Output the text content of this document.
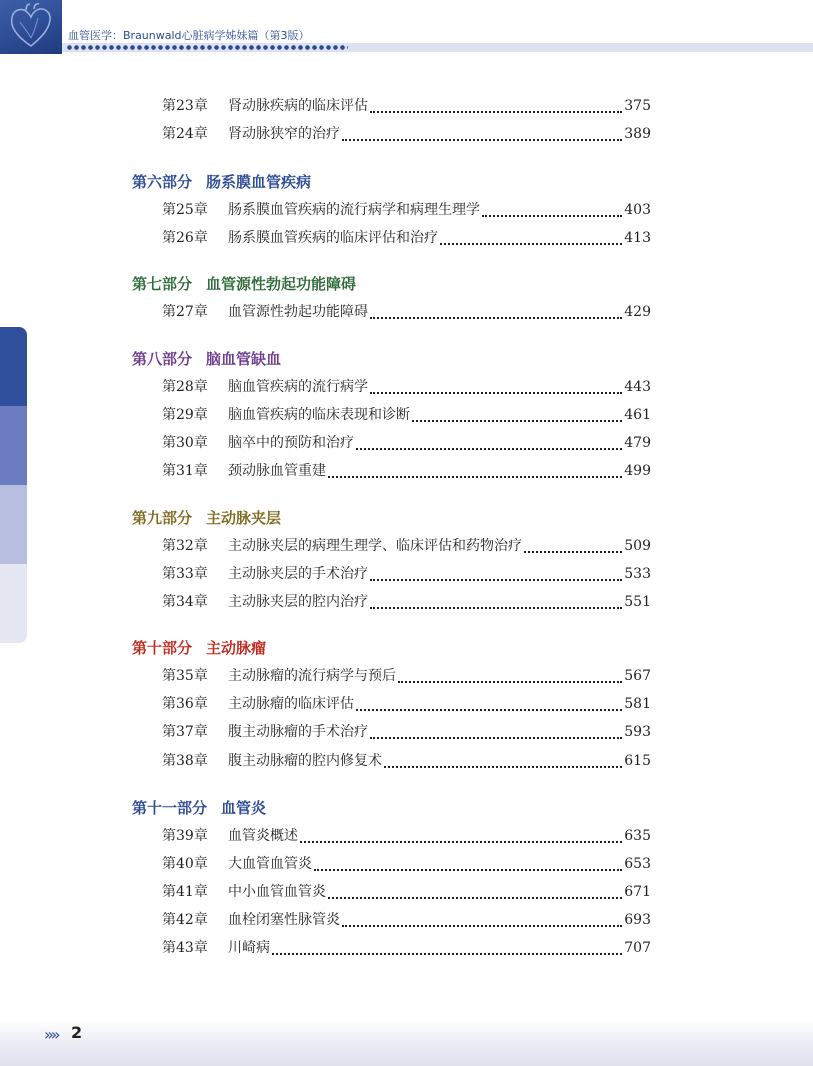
血管医学：Braunwald心脏病学姊妹篇（第3版）
第23章	肾动脉疾病的临床评估	375
第24章	肾动脉狭窄的治疗	389
第六部分 肠系膜血管疾病
第25章	肠系膜血管疾病的流行病学和病理生理学	403
第26章	肠系膜血管疾病的临床评估和治疗	413
第七部分 血管源性勃起功能障碍
第27章	血管源性勃起功能障碍	429
第八部分 脑血管缺血
第28章	脑血管疾病的流行病学	443
第29章	脑血管疾病的临床表现和诊断	461
第30章	脑卒中的预防和治疗	479
第31章	颈动脉血管重建	499
第九部分 主动脉夹层
第32章	主动脉夹层的病理生理学、临床评估和药物治疗	509
第33章	主动脉夹层的手术治疗	533
第34章	主动脉夹层的腔内治疗	551
第十部分 主动脉瘤
第35章	主动脉瘤的流行病学与预后	567
第36章	主动脉瘤的临床评估	581
第37章	腹主动脉瘤的手术治疗	593
第38章	腹主动脉瘤的腔内修复术	615
第十一部分 血管炎
第39章	血管炎概述	635
第40章	大血管血管炎	653
第41章	中小血管血管炎	671
第42章	血栓闭塞性脉管炎	693
第43章	川崎病	707
»» 2
